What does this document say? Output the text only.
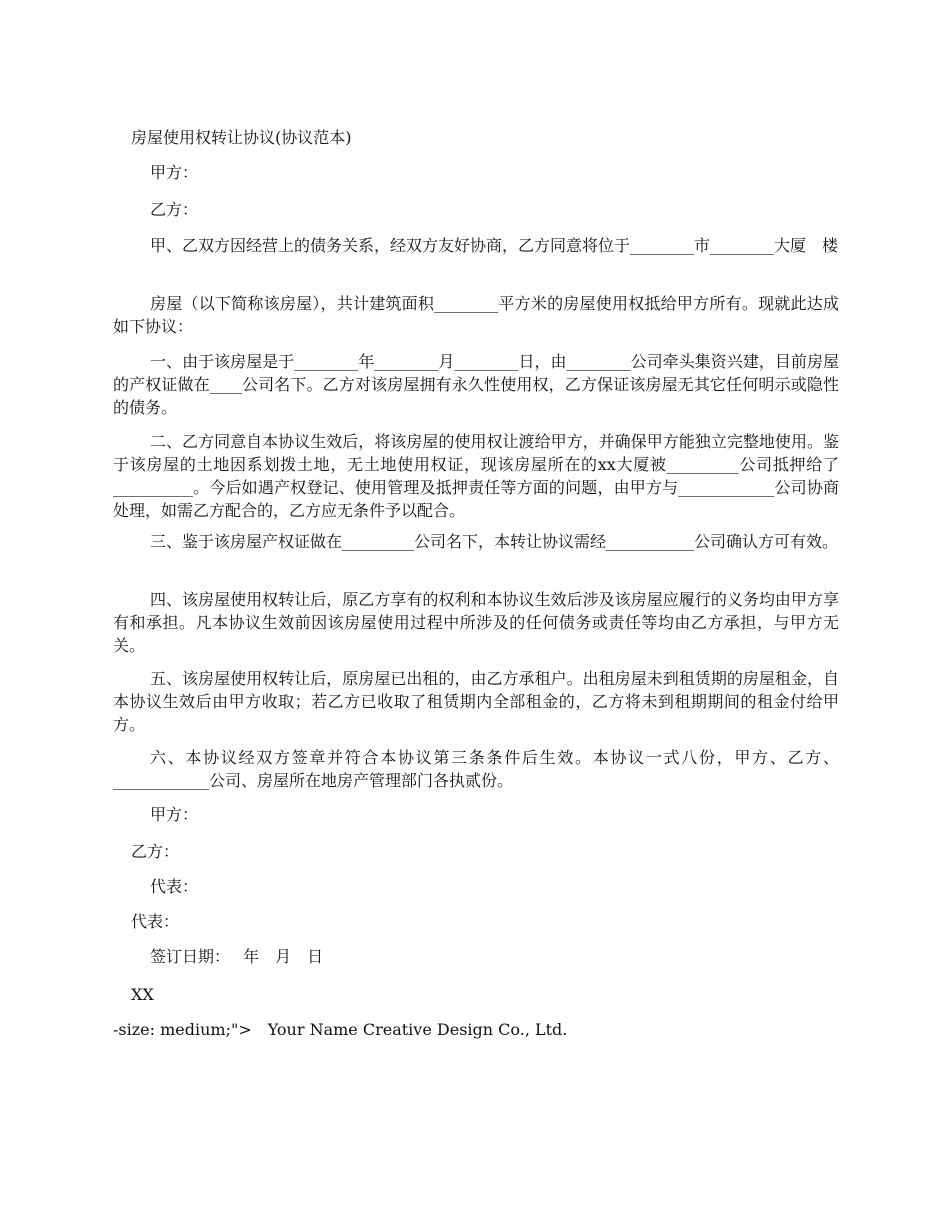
房屋使用权转让协议(协议范本)
甲方：
乙方：
甲、乙双方因经营上的债务关系，经双方友好协商，乙方同意将位于________市________大厦　楼
房屋（以下简称该房屋），共计建筑面积________平方米的房屋使用权抵给甲方所有。现就此达成如下协议：
一、由于该房屋是于________年________月________日，由________公司牵头集资兴建，目前房屋的产权证做在____公司名下。乙方对该房屋拥有永久性使用权，乙方保证该房屋无其它任何明示或隐性的债务。
二、乙方同意自本协议生效后，将该房屋的使用权让渡给甲方，并确保甲方能独立完整地使用。鉴于该房屋的土地因系划拨土地，无土地使用权证，现该房屋所在的xx大厦被_________公司抵押给了__________。今后如遇产权登记、使用管理及抵押责任等方面的问题，由甲方与____________公司协商处理，如需乙方配合的，乙方应无条件予以配合。
三、鉴于该房屋产权证做在_________公司名下，本转让协议需经___________公司确认方可有效。
四、该房屋使用权转让后，原乙方享有的权利和本协议生效后涉及该房屋应履行的义务均由甲方享有和承担。凡本协议生效前因该房屋使用过程中所涉及的任何债务或责任等均由乙方承担，与甲方无关。
五、该房屋使用权转让后，原房屋已出租的，由乙方承租户。出租房屋未到租赁期的房屋租金，自本协议生效后由甲方收取；若乙方已收取了租赁期内全部租金的，乙方将未到租期期间的租金付给甲方。
六、本协议经双方签章并符合本协议第三条条件后生效。本协议一式八份，甲方、乙方、____________公司、房屋所在地房产管理部门各执贰份。
甲方：
乙方：
代表：
代表：
签订日期：　 年　月　日
XX
-size: medium;">　Your Name Creative Design Co., Ltd.
